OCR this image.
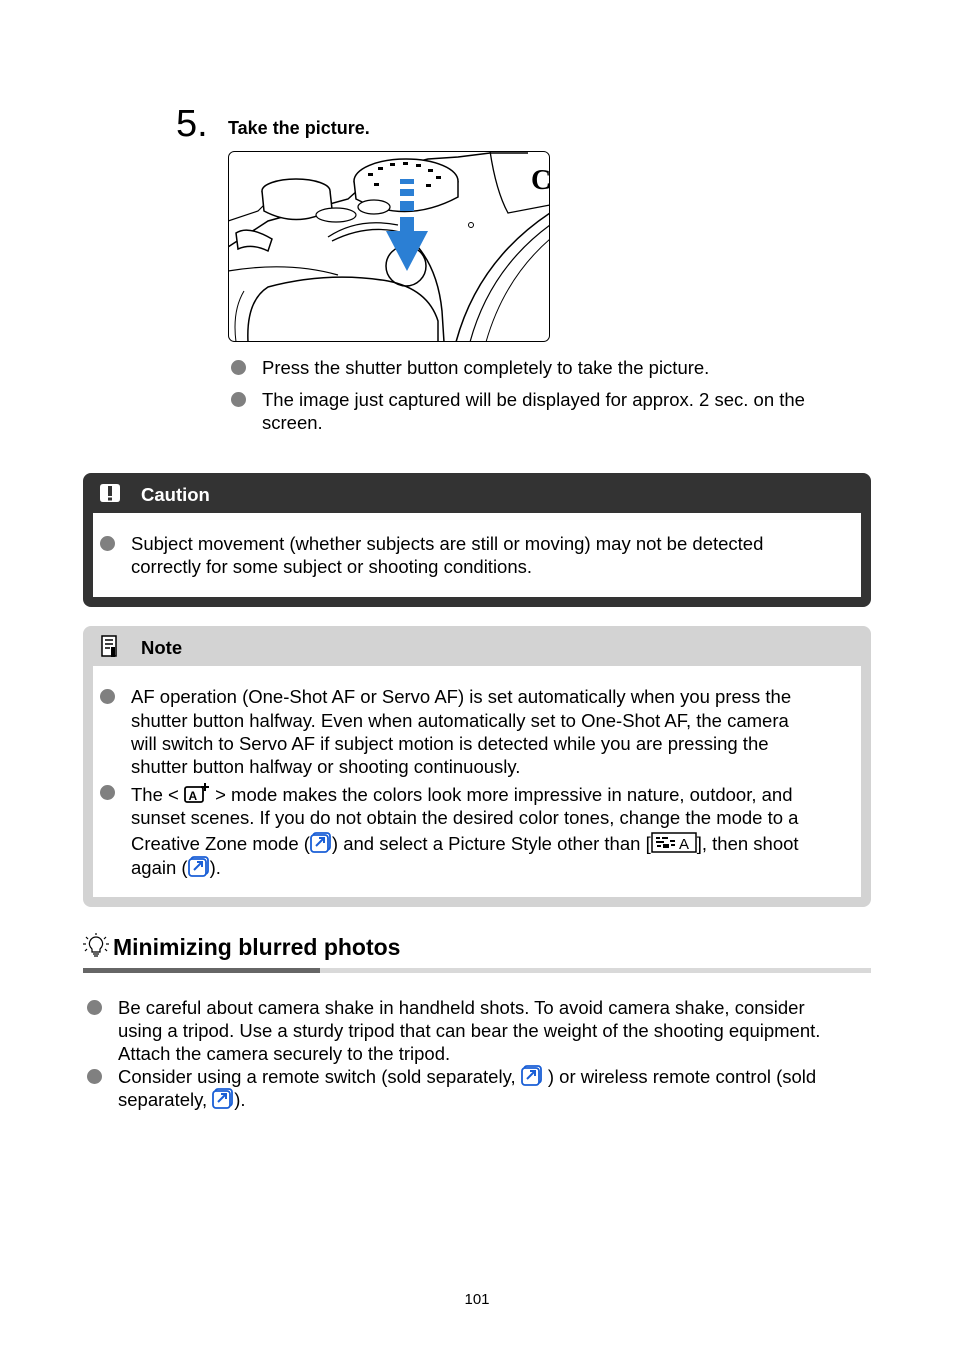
5. Take the picture.
C
Press the shutter button completely to take the picture.
The image just captured will be displayed for approx. 2 sec. on the
screen.
Caution
Subject movement (whether subjects are still or moving) may not be detected
correctly for some subject or shooting conditions.
Note
AF operation (One-Shot AF or Servo AF) is set automatically when you press the
shutter button halfway. Even when automatically set to One-Shot AF, the camera
will switch to Servo AF if subject motion is detected while you are pressing the
shutter button halfway or shooting continuously.
The < A > mode makes the colors look more impressive in nature, outdoor, and
sunset scenes. If you do not obtain the desired color tones, change the mode to a
Creative Zone mode ( ) and select a Picture Style other than [ A ], then shoot
again ( ).
Minimizing blurred photos
Be careful about camera shake in handheld shots. To avoid camera shake, consider
using a tripod. Use a sturdy tripod that can bear the weight of the shooting equipment.
Attach the camera securely to the tripod.
Consider using a remote switch (sold separately, ) or wireless remote control (sold
separately, ).
101
